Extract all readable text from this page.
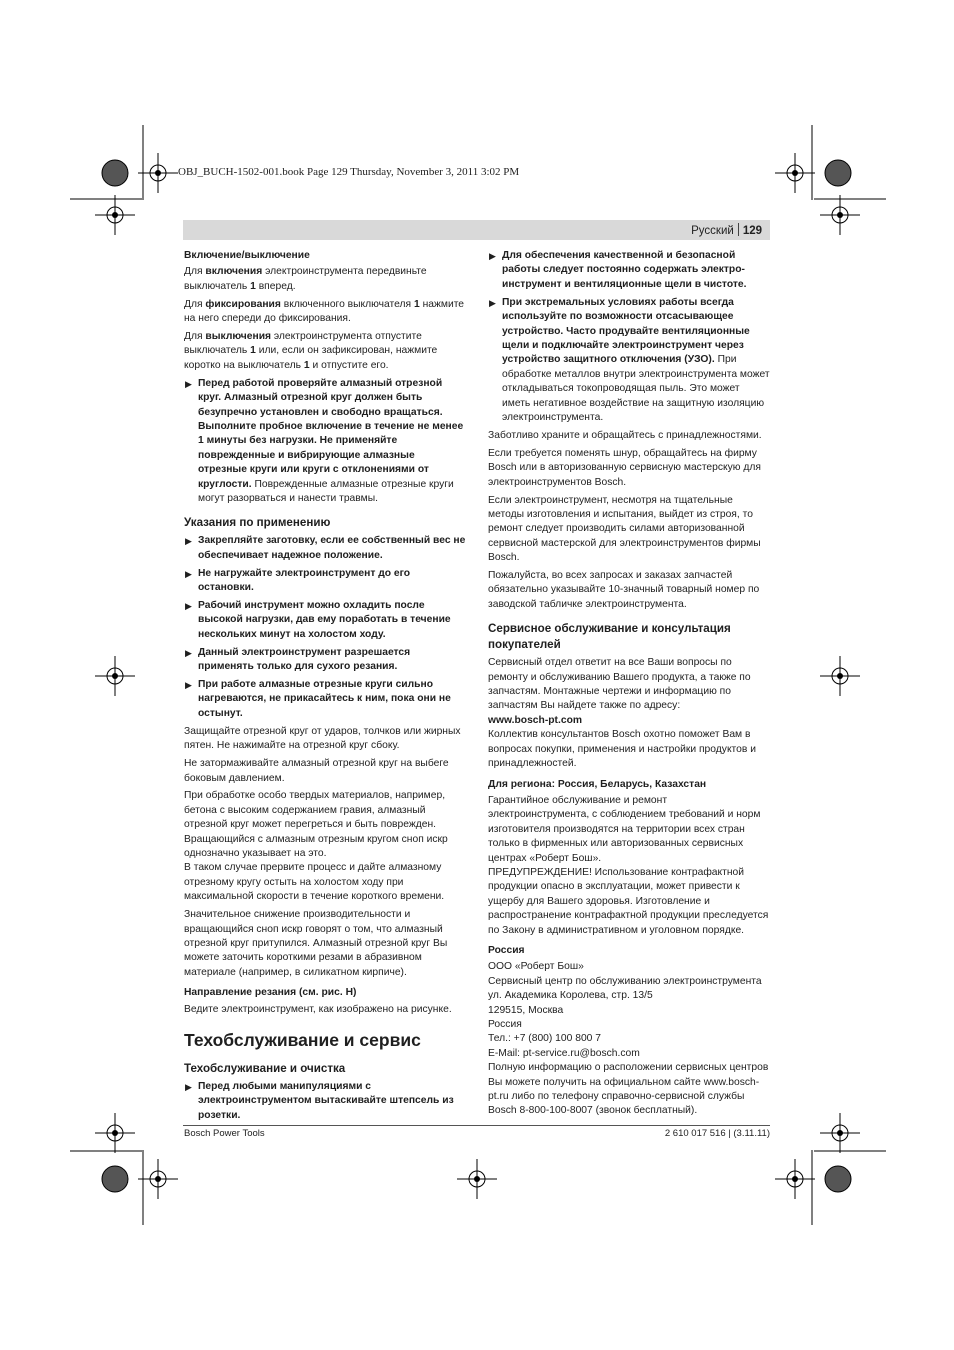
OBJ_BUCH-1502-001.book Page 129 Thursday, November 3, 2011 3:02 PM
Русский 129
Включение/выключение

Для включения электроинструмента передвиньте выключатель 1 вперед.

Для фиксирования включенного выключателя 1 нажмите на него спереди до фиксирования.

Для выключения электроинструмента отпустите выключатель 1 или, если он зафиксирован, нажмите коротко на выключатель 1 и отпустите его.

▶ Перед работой проверяйте алмазный отрезной круг. Алмазный отрезной круг должен быть безупречно установлен и свободно вращаться. Выполните пробное включение в течение не менее 1 минуты без нагрузки. Не применяйте поврежденные и вибрирующие алмазные отрезные круги или круги с отклонениями от круглости. Поврежденные алмазные отрезные круги могут разорваться и нанести травмы.
Указания по применению
▶ Закрепляйте заготовку, если ее собственный вес не обеспечивает надежное положение.
▶ Не нагружайте электроинструмент до его остановки.
▶ Рабочий инструмент можно охладить после высокой нагрузки, дав ему поработать в течение нескольких минут на холостом ходу.
▶ Данный электроинструмент разрешается применять только для сухого резания.
▶ При работе алмазные отрезные круги сильно нагреваются, не прикасайтесь к ним, пока они не остынут.

Защищайте отрезной круг от ударов, толчков или жирных пятен. Не нажимайте на отрезной круг сбоку.

Не затормаживайте алмазный отрезной круг на выбеге боковым давлением.

При обработке особо твердых материалов, например, бетона с высоким содержанием гравия, алмазный отрезной круг может перегреться и быть поврежден. Вращающийся с алмазным отрезным кругом сноп искр однозначно указывает на это.

В таком случае прервите процесс и дайте алмазному отрезному кругу остыть на холостом ходу при максимальной скорости в течение короткого времени.

Значительное снижение производительности и вращающийся сноп искр говорят о том, что алмазный отрезной круг притупился. Алмазный отрезной круг Вы можете заточить короткими резами в абразивном материале (например, в силикатном кирпиче).

Направление резания (см. рис. H)

Ведите электроинструмент, как изображено на рисунке.

Техобслуживание и сервис
Техобслуживание и очистка
▶ Перед любыми манипуляциями с электроинструментом вытаскивайте штепсель из розетки.
▶ Для обеспечения качественной и безопасной работы следует постоянно содержать электро-инструмент и вентиляционные щели в чистоте.
▶ При экстремальных условиях работы всегда используйте по возможности отсасывающее устройство. Часто продувайте вентиляционные щели и подключайте электроинструмент через устройство защитного отключения (УЗО). При обработке металлов внутри электроинструмента может откладываться токопроводящая пыль. Это может иметь негативное воздействие на защитную изоляцию электроинструмента.

Заботливо храните и обращайтесь с принадлежностями.

Если требуется поменять шнур, обращайтесь на фирму Bosch или в авторизованную сервисную мастерскую для электроинструментов Bosch.

Если электроинструмент, несмотря на тщательные методы изготовления и испытания, выйдет из строя, то ремонт следует производить силами авторизованной сервисной мастерской для электроинструментов фирмы Bosch.

Пожалуйста, во всех запросах и заказах запчастей обязательно указывайте 10-значный товарный номер по заводской табличке электроинструмента.

Сервисное обслуживание и консультация покупателей

Сервисный отдел ответит на все Ваши вопросы по ремонту и обслуживанию Вашего продукта, а также по запчастям. Монтажные чертежи и информацию по запчастям Вы найдете также по адресу:

www.bosch-pt.com

Коллектив консультантов Bosch охотно поможет Вам в вопросах покупки, применения и настройки продуктов и принадлежностей.

Для региона: Россия, Беларусь, Казахстан

Гарантийное обслуживание и ремонт электроинструмента, с соблюдением требований и норм изготовителя производятся на территории всех стран только в фирменных или авторизованных сервисных центрах «Роберт Бош».

ПРЕДУПРЕЖДЕНИЕ! Использование контрафактной продукции опасно в эксплуатации, может привести к ущербу для Вашего здоровья. Изготовление и распространение контрафактной продукции преследуется по Закону в административном и уголовном порядке.

Россия
ООО «Роберт Бош»
Сервисный центр по обслуживанию электроинструмента
ул. Академика Королева, стр. 13/5
129515, Москва
Россия
Тел.: +7 (800) 100 800 7
E-Mail: pt-service.ru@bosch.com
Полную информацию о расположении сервисных центров Вы можете получить на официальном сайте www.bosch-pt.ru либо по телефону справочно-сервисной службы Bosch 8-800-100-8007 (звонок бесплатный).
Bosch Power Tools	2 610 017 516 | (3.11.11)
